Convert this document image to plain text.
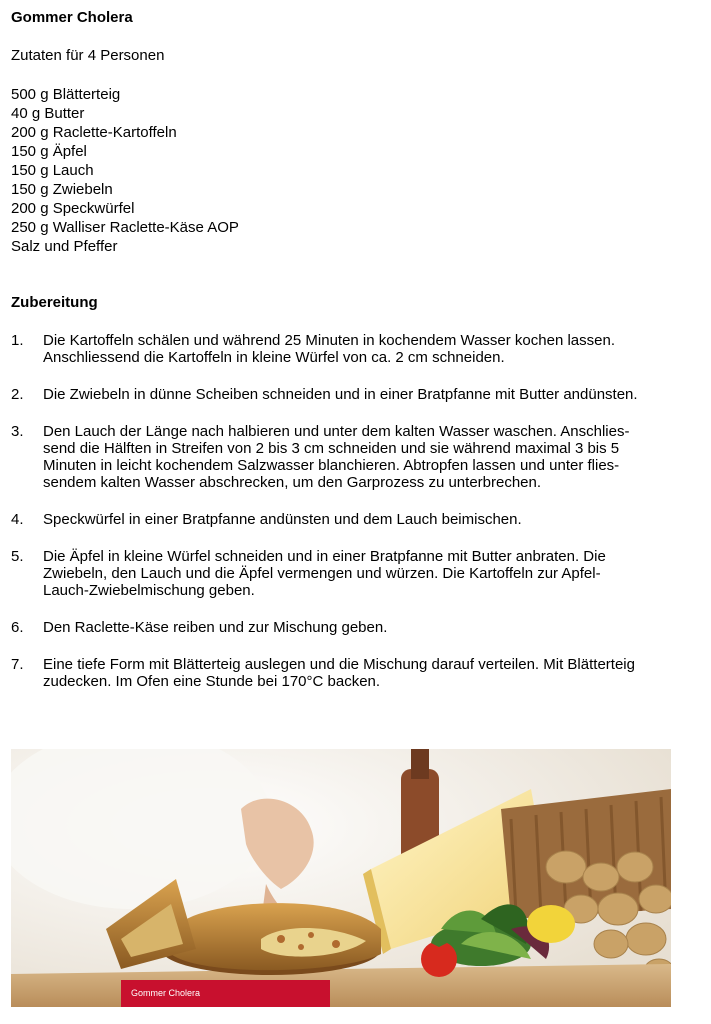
Gommer Cholera
Zutaten für 4 Personen
500 g Blätterteig
40 g Butter
200 g Raclette-Kartoffeln
150 g Äpfel
150 g Lauch
150 g Zwiebeln
200 g Speckwürfel
250 g Walliser Raclette-Käse AOP
Salz und Pfeffer
Zubereitung
1. Die Kartoffeln schälen und während 25 Minuten in kochendem Wasser kochen lassen.
Anschliessend die Kartoffeln in kleine Würfel von ca. 2 cm schneiden.
2. Die Zwiebeln in dünne Scheiben schneiden und in einer Bratpfanne mit Butter andünsten.
3. Den Lauch der Länge nach halbieren und unter dem kalten Wasser waschen. Anschlies-
send die Hälften in Streifen von 2 bis 3 cm schneiden und sie während maximal 3 bis 5
Minuten in leicht kochendem Salzwasser blanchieren. Abtropfen lassen und unter flies-
sendem kalten Wasser abschrecken, um den Garprozess zu unterbrechen.
4. Speckwürfel in einer Bratpfanne andünsten und dem Lauch beimischen.
5. Die Äpfel in kleine Würfel schneiden und in einer Bratpfanne mit Butter anbraten. Die
Zwiebeln, den Lauch und die Äpfel vermengen und würzen. Die Kartoffeln zur Apfel-
Lauch-Zwiebelmischung geben.
6. Den Raclette-Käse reiben und zur Mischung geben.
7. Eine tiefe Form mit Blätterteig auslegen und die Mischung darauf verteilen. Mit Blätterteig
zudecken. Im Ofen eine Stunde bei 170°C backen.
Gommer Cholera
